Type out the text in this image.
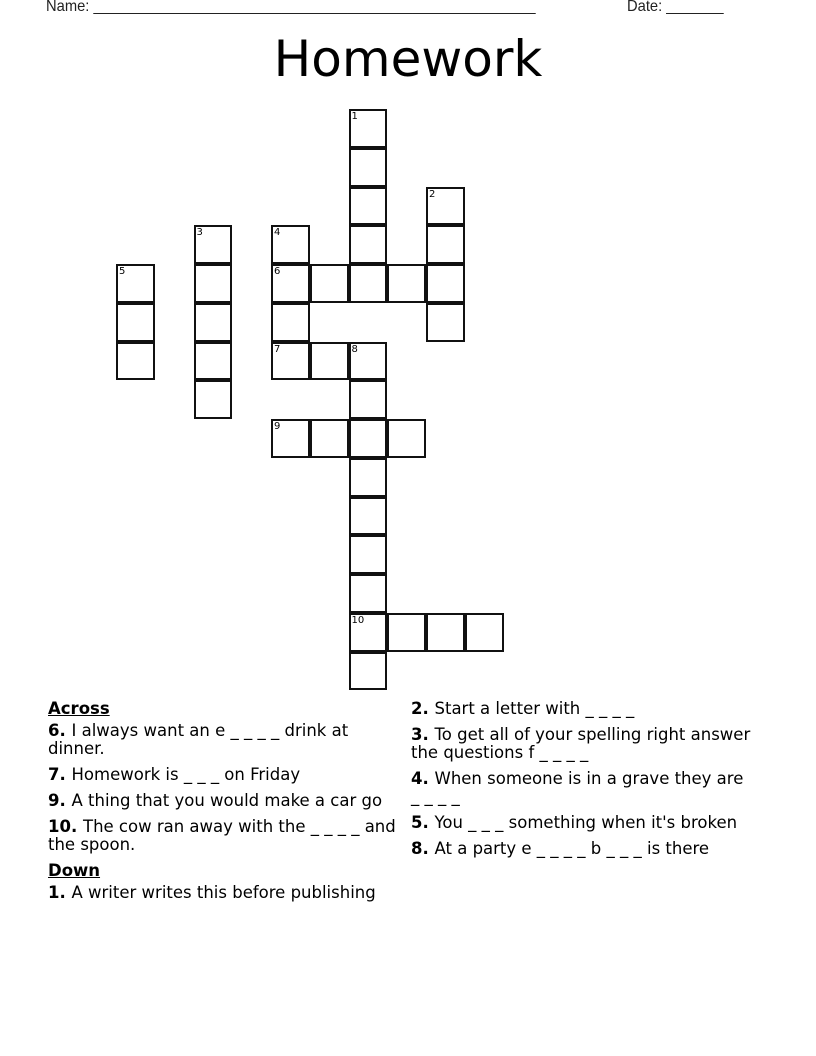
Name: ______________________________________________________	Date: _______
Homework
1
2
3	4
6
7
5
8
10
9
Across
6. I always want an e _ _ _ _ drink at dinner.
7. Homework is _ _ _ on Friday
9. A thing that you would make a car go
10. The cow ran away with the _ _ _ _ and the spoon.
Down
1. A writer writes this before publishing
2. Start a letter with _ _ _ _
3. To get all of your spelling right answer the questions f _ _ _ _
4. When someone is in a grave they are _ _ _ _
5. You _ _ _ something when it's broken
8. At a party e _ _ _ _ b _ _ _ is there
